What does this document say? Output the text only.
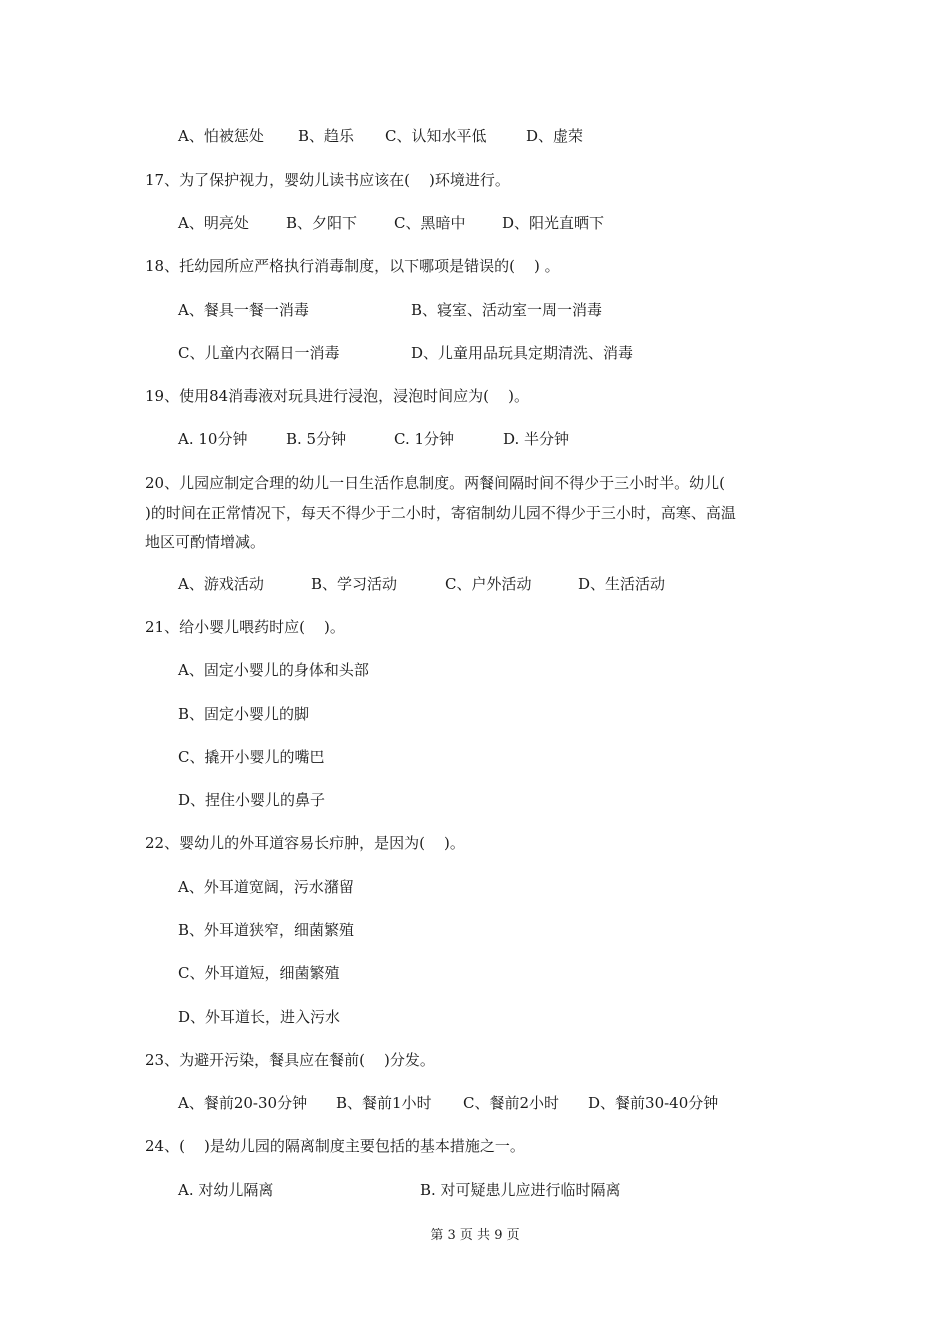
A、怕被惩处

B、趋乐

C、认知水平低

	D、虚荣

17、为了保护视力，婴幼儿读书应该在(    )环境进行。

A、明亮处

B、夕阳下

C、黑暗中

D、阳光直晒下

18、托幼园所应严格执行消毒制度，以下哪项是错误的(    ) 。

A、餐具一餐一消毒

	B、寝室、活动室一周一消毒

C、儿童内衣隔日一消毒

	D、儿童用品玩具定期清洗、消毒

19、使用84消毒液对玩具进行浸泡，浸泡时间应为(    )。

A. 10分钟

	B. 5分钟

	C. 1分钟

	D. 半分钟

20、儿园应制定合理的幼儿一日生活作息制度。两餐间隔时间不得少于三小时半。幼儿(
)的时间在正常情况下，每天不得少于二小时，寄宿制幼儿园不得少于三小时，高寒、高温
地区可酌情增减。

A、游戏活动

	B、学习活动

	C、户外活动

	D、生活活动

21、给小婴儿喂药时应(    )。
A、固定小婴儿的身体和头部
B、固定小婴儿的脚
C、撬开小婴儿的嘴巴
D、捏住小婴儿的鼻子
22、婴幼儿的外耳道容易长疖肿，是因为(    )。
A、外耳道宽阔，污水潴留
B、外耳道狭窄，细菌繁殖
C、外耳道短，细菌繁殖
D、外耳道长，进入污水
23、为避开污染，餐具应在餐前(    )分发。

A、餐前20-30分钟

B、餐前1小时

C、餐前2小时

D、餐前30-40分钟

24、(    )是幼儿园的隔离制度主要包括的基本措施之一。

A. 对幼儿隔离

	B. 对可疑患儿应进行临时隔离

第 3 页 共 9 页
